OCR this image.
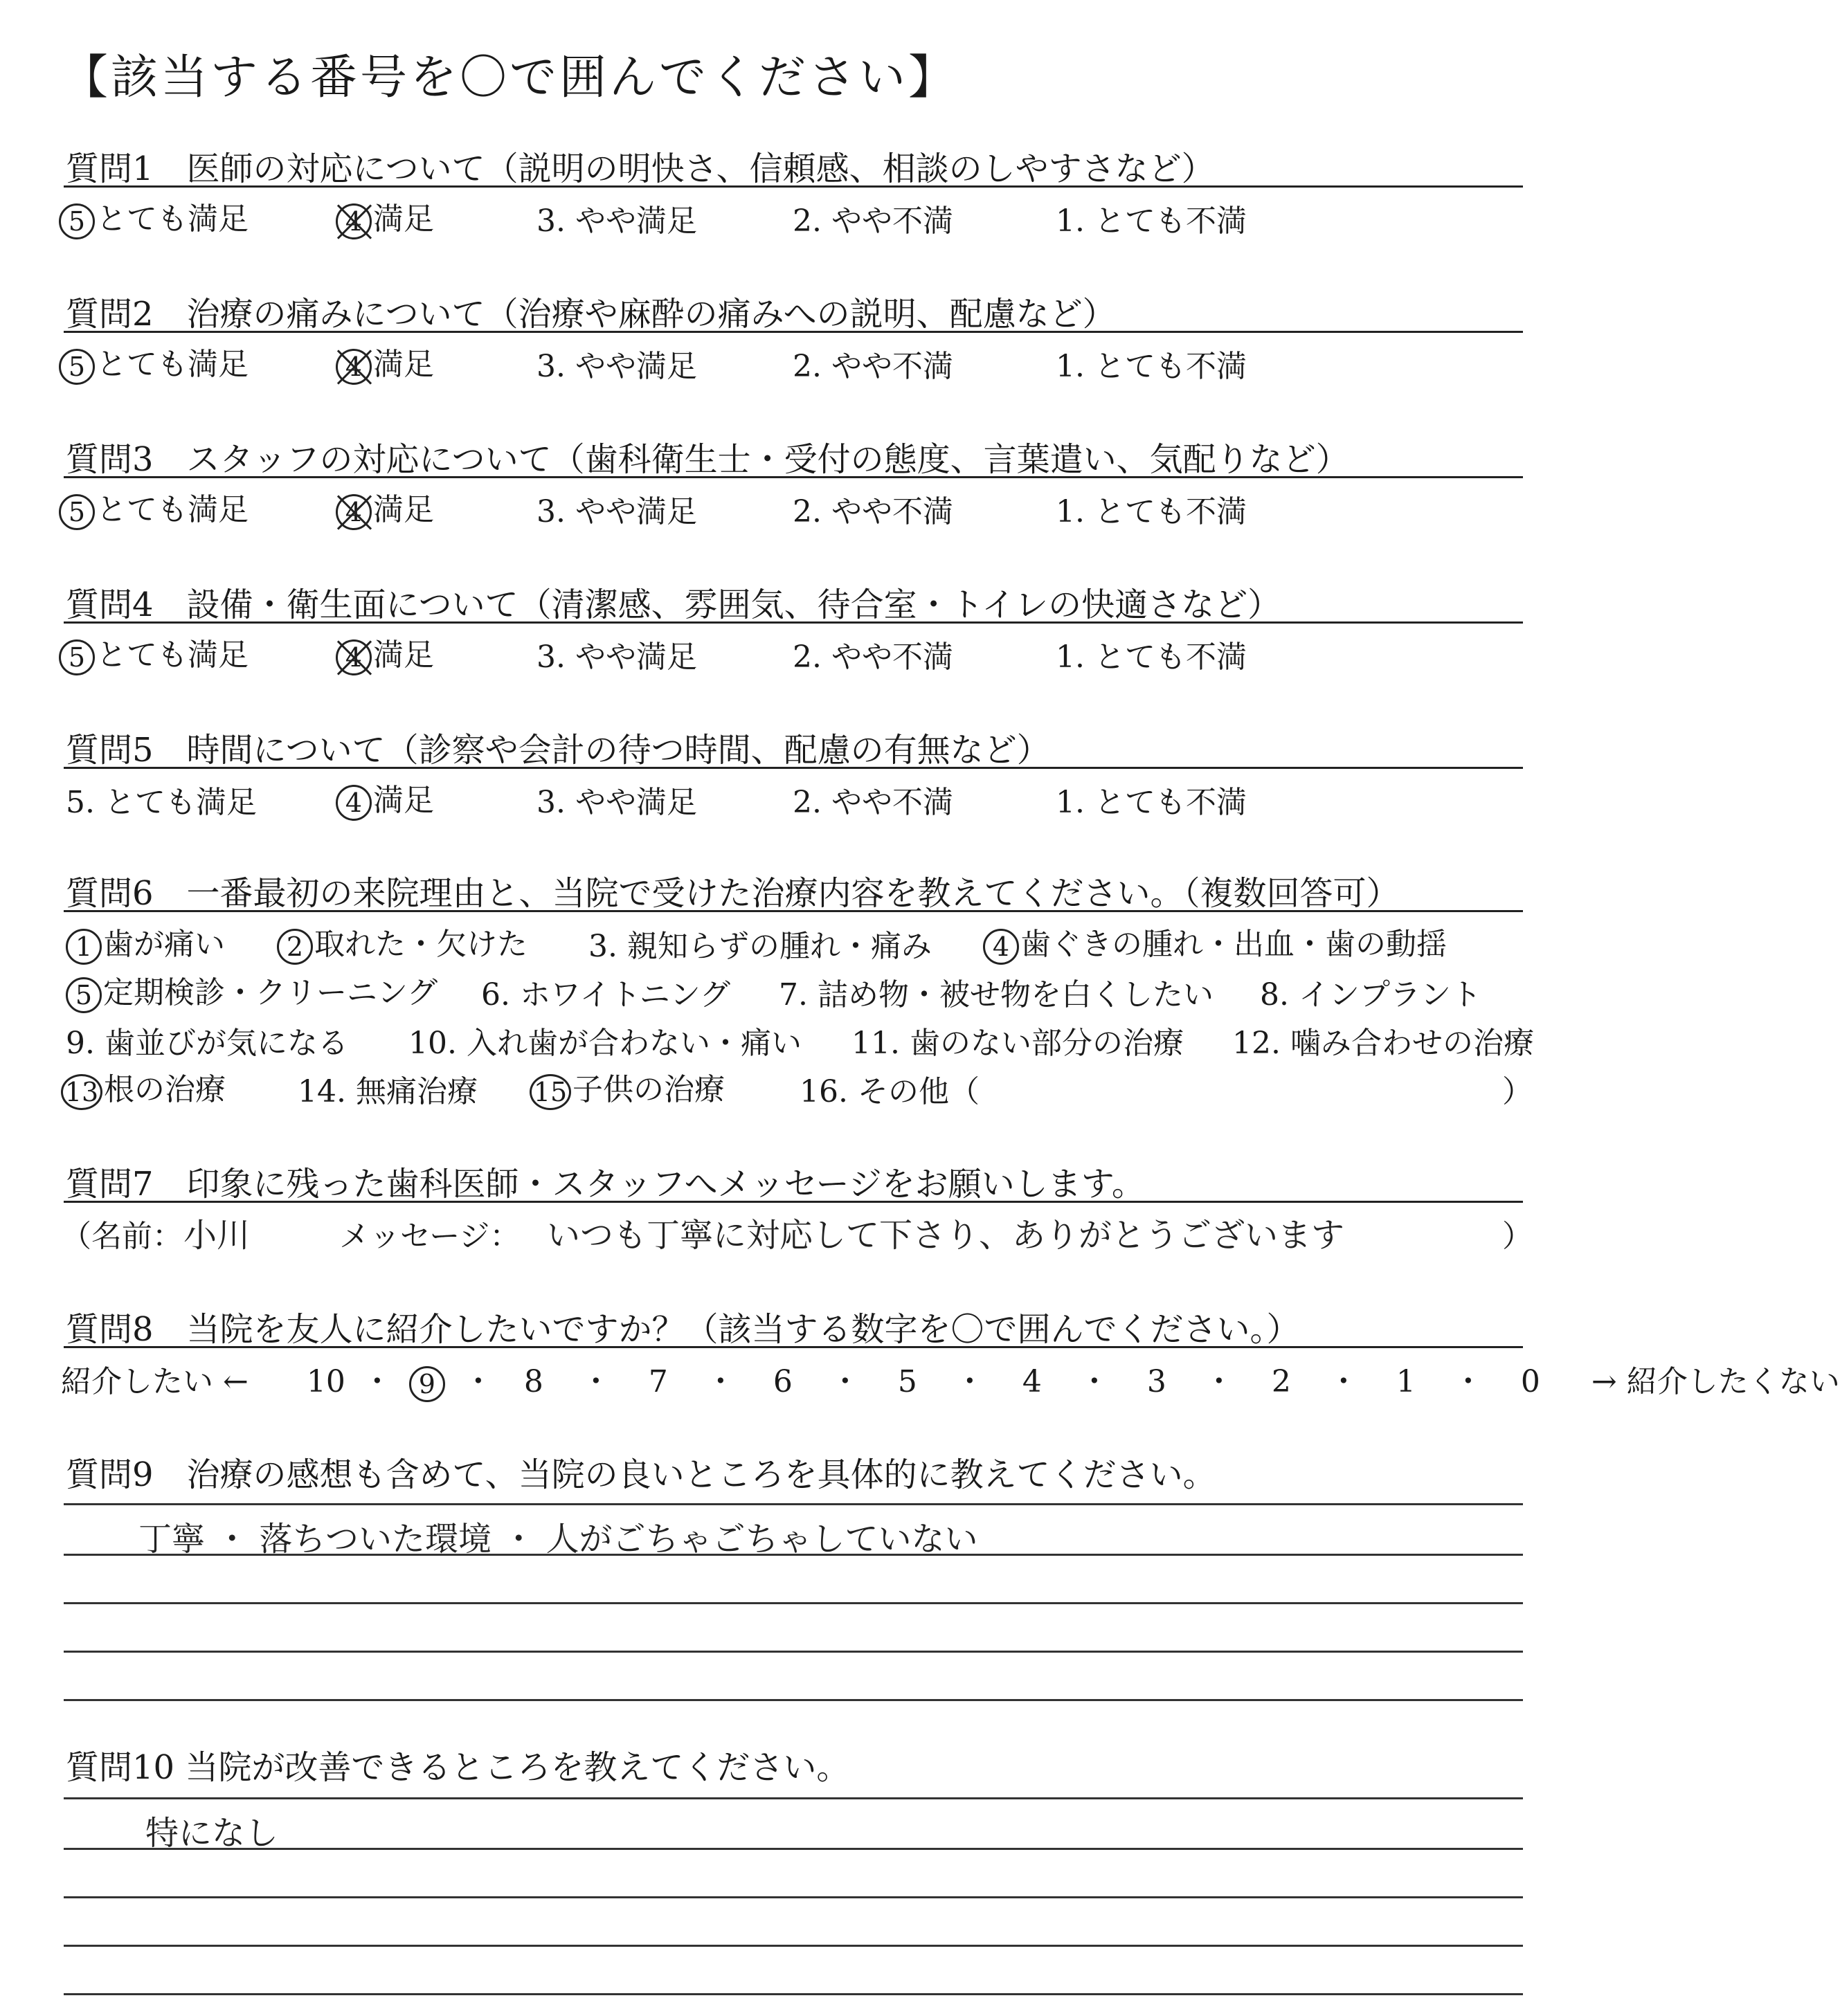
【該当する番号を〇で囲んでください】
質問1　医師の対応について（説明の明快さ、信頼感、相談のしやすさなど）
5 とても満足	4 満足	3. やや満足	2. やや不満	1. とても不満
質問2　治療の痛みについて（治療や麻酔の痛みへの説明、配慮など）
5 とても満足	4 満足	3. やや満足	2. やや不満	1. とても不満
質問3　スタッフの対応について（歯科衛生士・受付の態度、言葉遣い、気配りなど）
5 とても満足	4 満足	3. やや満足	2. やや不満	1. とても不満
質問4　設備・衛生面について（清潔感、雰囲気、待合室・トイレの快適さなど）
5 とても満足	4 満足	3. やや満足	2. やや不満	1. とても不満
質問5　時間について（診察や会計の待つ時間、配慮の有無など）
5. とても満足	4 満足	3. やや満足	2. やや不満	1. とても不満
質問6　一番最初の来院理由と、当院で受けた治療内容を教えてください。（複数回答可）
1 歯が痛い	2 取れた・欠けた 3. 親知らずの腫れ・痛み	4 歯ぐきの腫れ・出血・歯の動揺
5 定期検診・クリーニング 6. ホワイトニング 7. 詰め物・被せ物を白くしたい 8. インプラント
9. 歯並びが気になる 10. 入れ歯が合わない・痛い 11. 歯のない部分の治療 12. 噛み合わせの治療
13 根の治療 14. 無痛治療 15 子供の治療 16. その他（	）
質問7　印象に残った歯科医師・スタッフへメッセージをお願いします。
（名前： 小川	メッセージ： いつも丁寧に対応して下さり、ありがとうございます	）
質問8　当院を友人に紹介したいですか？（該当する数字を〇で囲んでください。）
紹介したい ← 10 ・ 9 ・ 8 ・ 7 ・ 6 ・ 5 ・ 4 ・ 3 ・ 2 ・ 1 ・ 0 → 紹介したくない
質問9　治療の感想も含めて、当院の良いところを具体的に教えてください。
丁寧 ・ 落ちついた環境 ・ 人がごちゃごちゃしていない
質問10 当院が改善できるところを教えてください。
特になし
